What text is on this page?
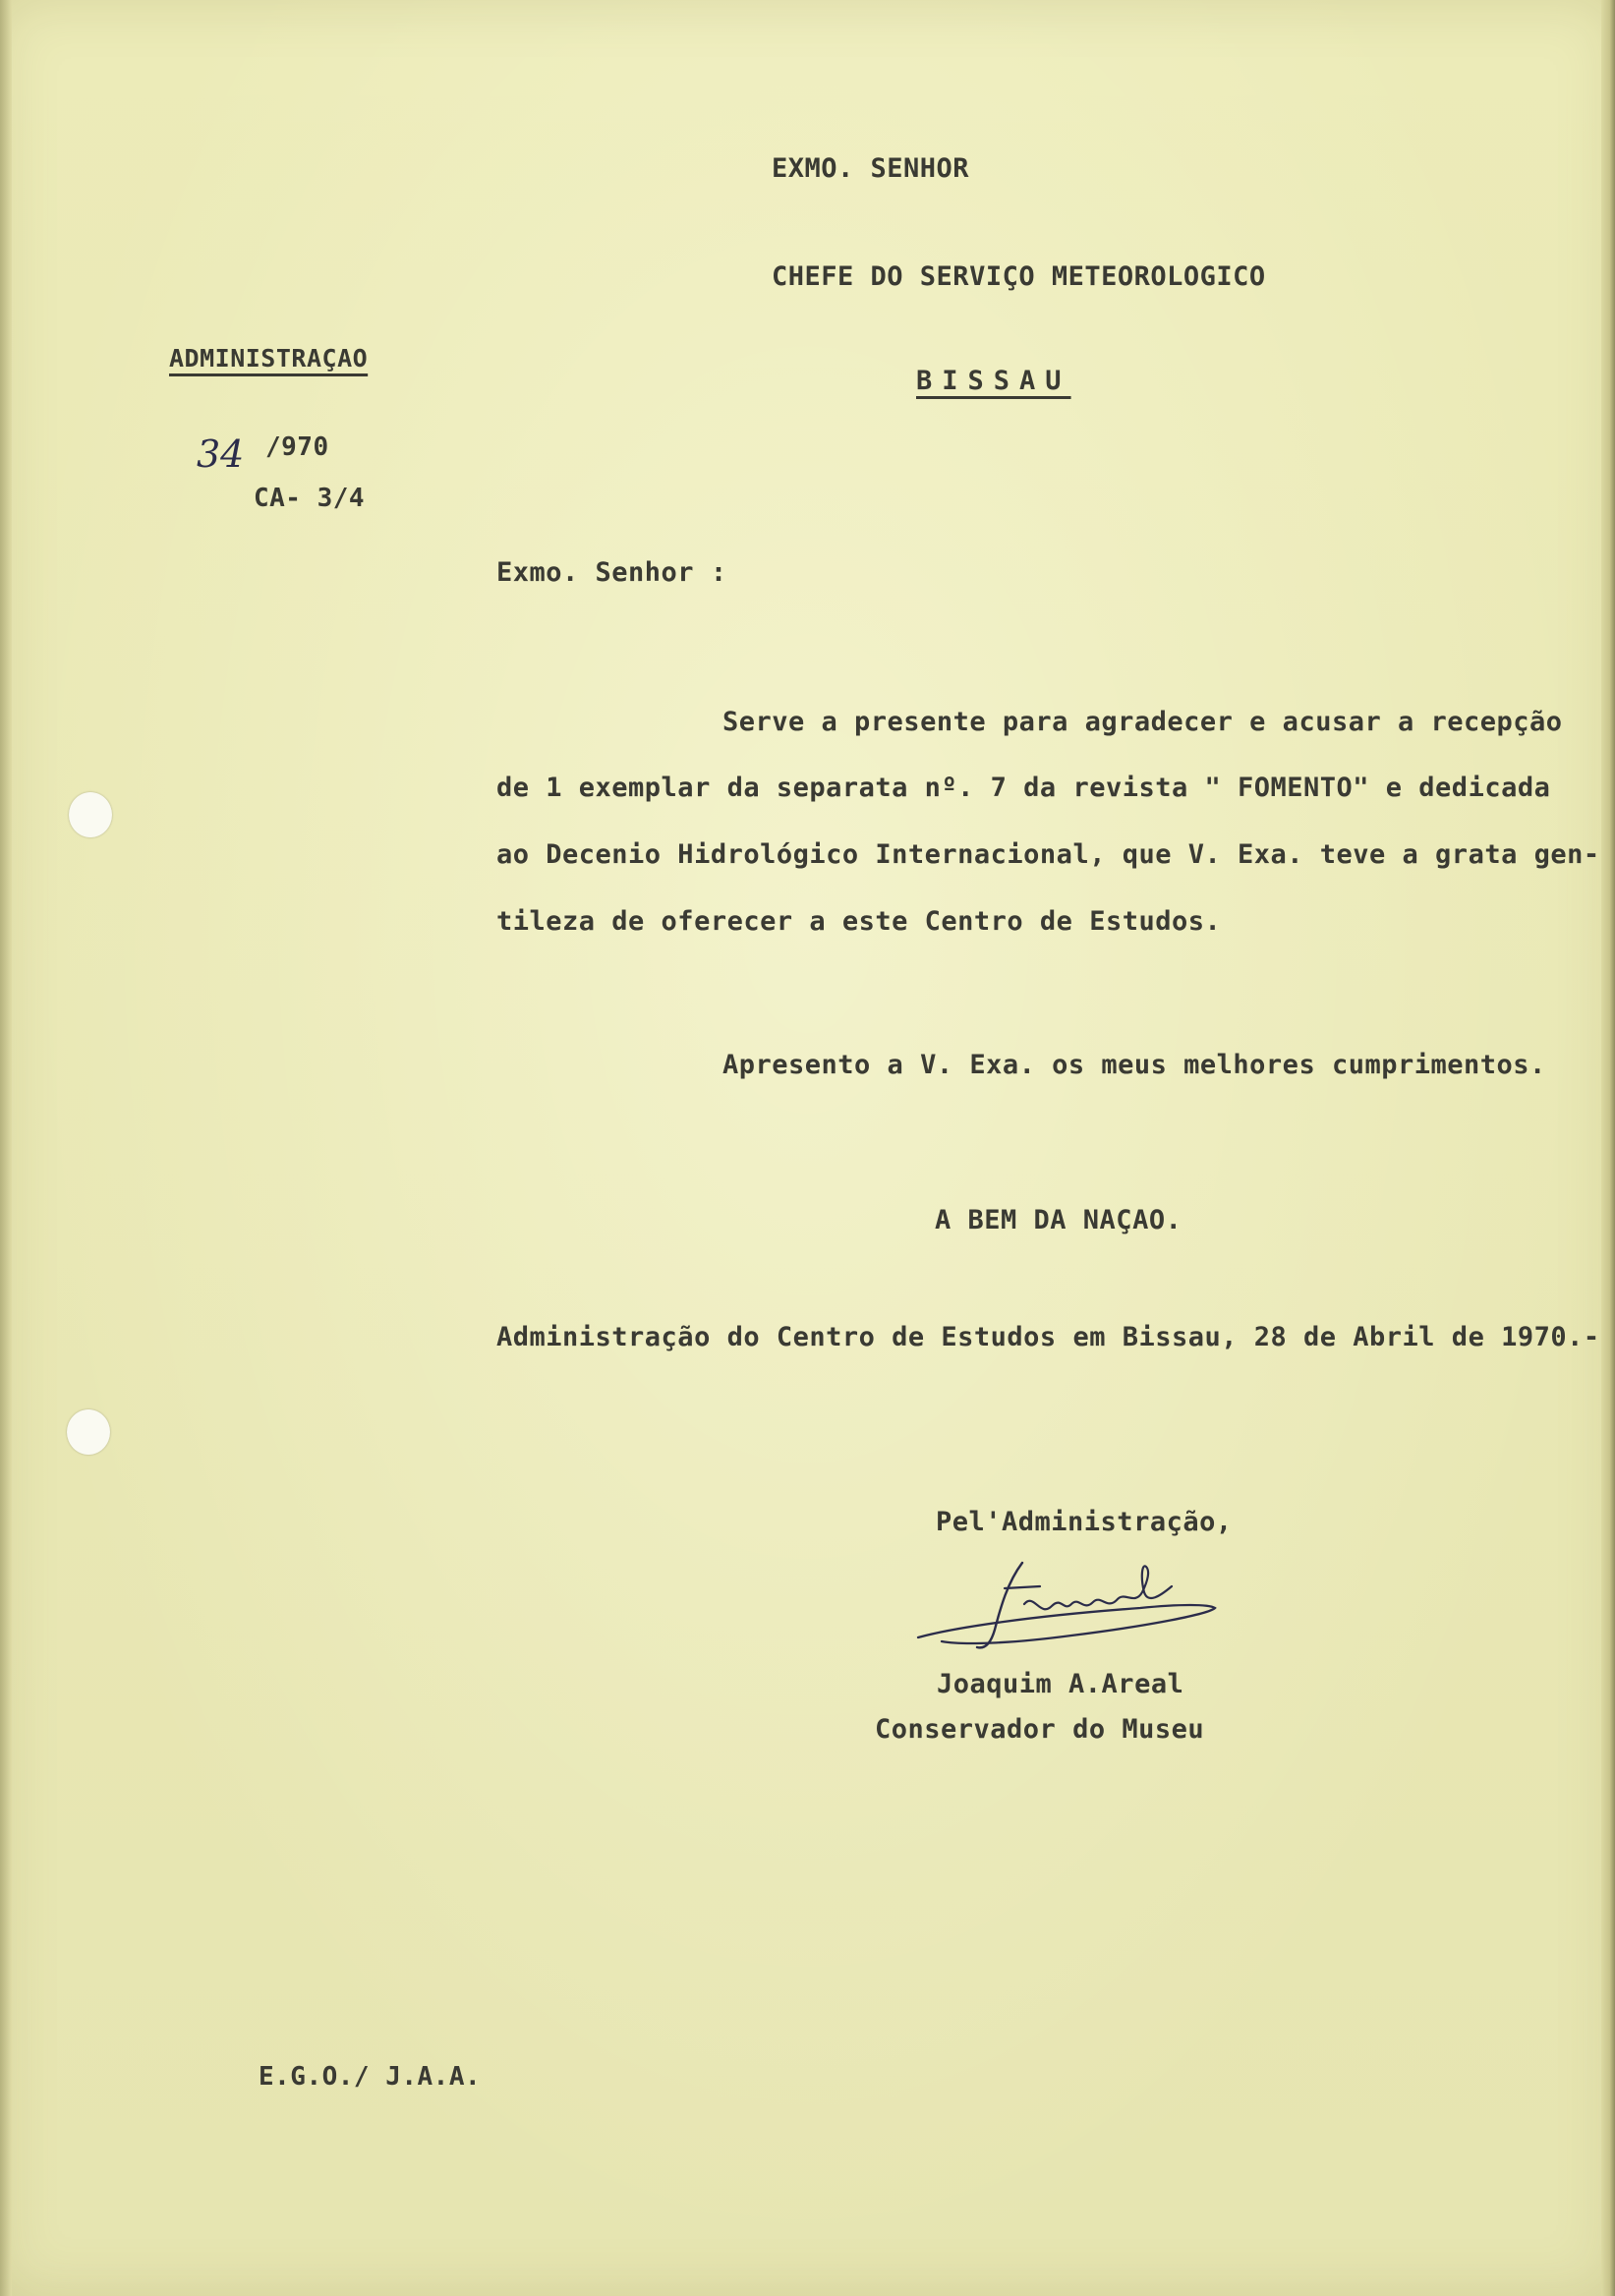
EXMO. SENHOR
CHEFE DO SERVIÇO METEOROLOGICO
BISSAU
ADMINISTRAÇAO
34 /970
CA- 3/4
Exmo. Senhor :
Serve a presente para agradecer e acusar a recepção
de 1 exemplar da separata nº. 7 da revista " FOMENTO" e dedicada
ao Decenio Hidrológico Internacional, que V. Exa. teve a grata gen-
tileza de oferecer a este Centro de Estudos.
Apresento a V. Exa. os meus melhores cumprimentos.
A BEM DA NAÇAO.
Administração do Centro de Estudos em Bissau, 28 de Abril de 1970.-
Pel'Administração,
Joaquim A.Areal
Conservador do Museu
E.G.O./ J.A.A.
